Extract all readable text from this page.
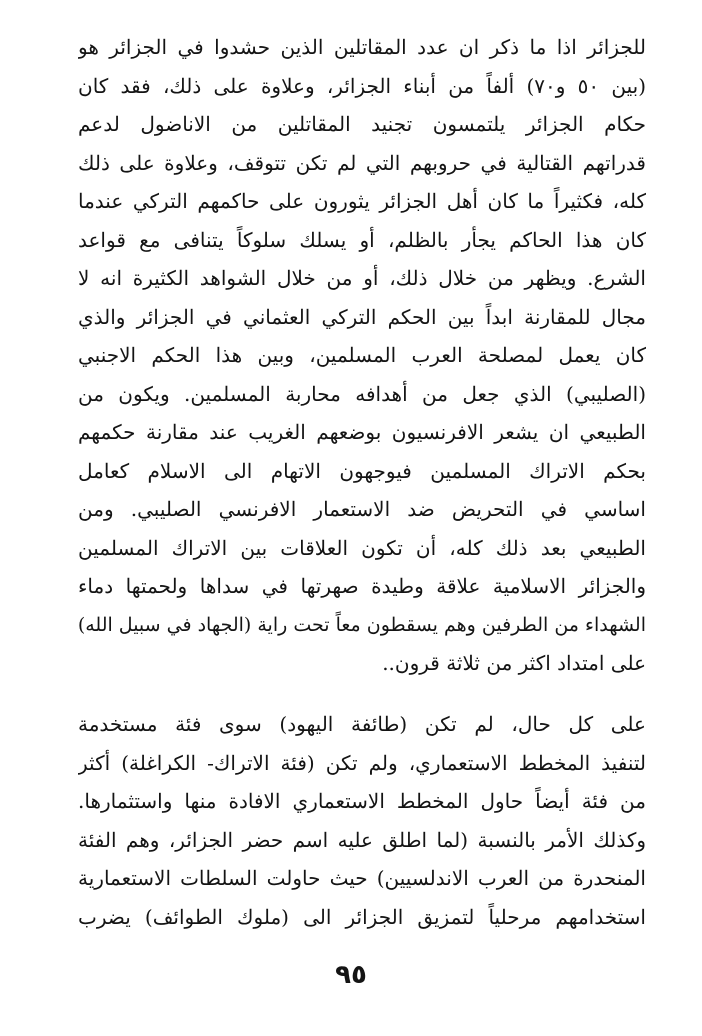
للجزائر اذا ما ذكر ان عدد المقاتلين الذين حشدوا في الجزائر هو
(بين ٥٠ و٧٠) ألفاً من أبناء الجزائر، وعلاوة على ذلك، فقد كان
حكام الجزائر يلتمسون تجنيد المقاتلين من الاناضول لدعم
قدراتهم القتالية في حروبهم التي لم تكن تتوقف، وعلاوة على ذلك
كله، فكثيراً ما كان أهل الجزائر يثورون على حاكمهم التركي عندما
كان هذا الحاكم يجأر بالظلم، أو يسلك سلوكاً يتنافى مع قواعد
الشرع. ويظهر من خلال ذلك، أو من خلال الشواهد الكثيرة انه لا
مجال للمقارنة ابداً بين الحكم التركي العثماني في الجزائر والذي
كان يعمل لمصلحة العرب المسلمين، وبين هذا الحكم الاجنبي
(الصليبي) الذي جعل من أهدافه محاربة المسلمين. ويكون من
الطبيعي ان يشعر الافرنسيون بوضعهم الغريب عند مقارنة حكمهم
بحكم الاتراك المسلمين فيوجهون الاتهام الى الاسلام كعامل
اساسي في التحريض ضد الاستعمار الافرنسي الصليبي. ومن
الطبيعي بعد ذلك كله، أن تكون العلاقات بين الاتراك المسلمين
والجزائر الاسلامية علاقة وطيدة صهرتها في سداها ولحمتها دماء
الشهداء من الطرفين وهم يسقطون معاً تحت راية (الجهاد في سبيل الله)
على امتداد اكثر من ثلاثة قرون..
على كل حال، لم تكن (طائفة اليهود) سوى فئة مستخدمة
لتنفيذ المخطط الاستعماري، ولم تكن (فئة الاتراك- الكراغلة) أكثر
من فئة أيضاً حاول المخطط الاستعماري الافادة منها واستثمارها.
وكذلك الأمر بالنسبة (لما اطلق عليه اسم حضر الجزائر، وهم الفئة
المنحدرة من العرب الاندلسيين) حيث حاولت السلطات الاستعمارية
استخدامهم مرحلياً لتمزيق الجزائر الى (ملوك الطوائف) يضرب
٩٥
